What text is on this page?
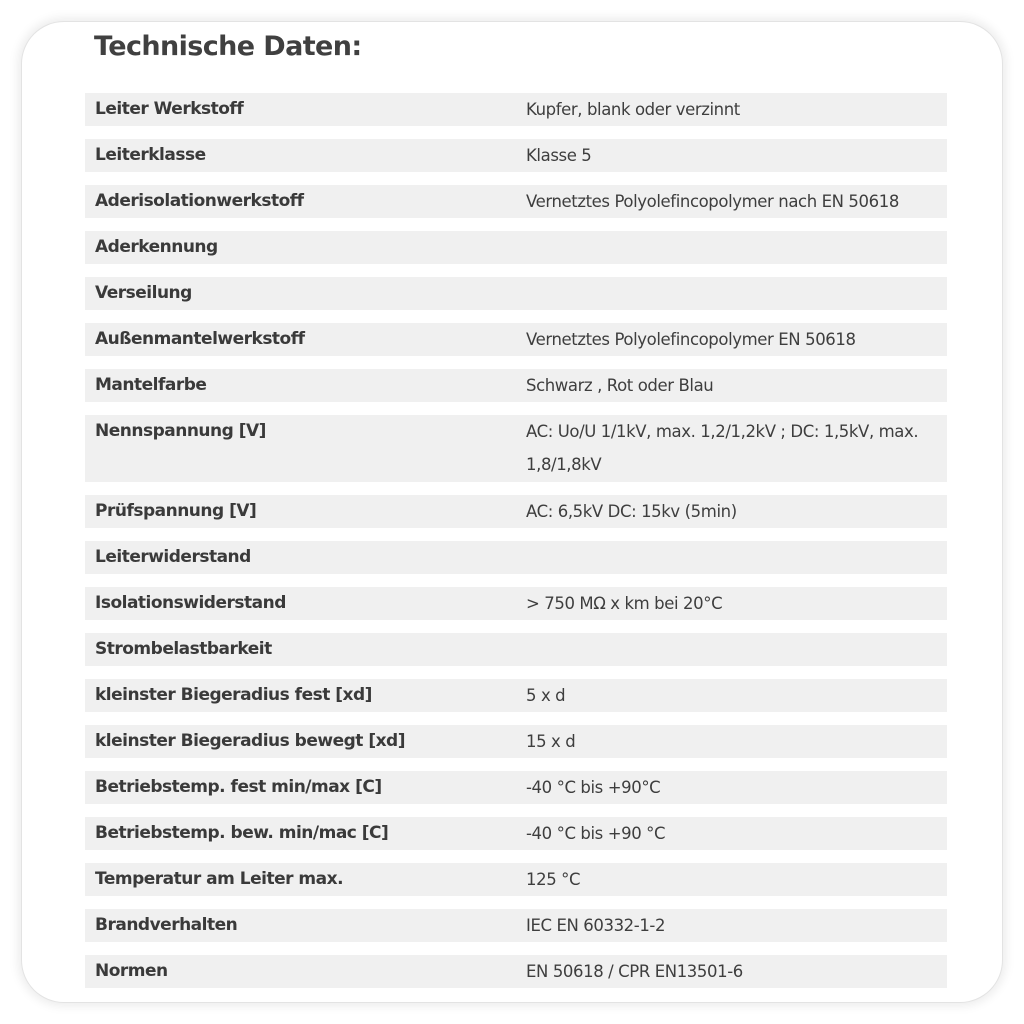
Technische Daten:
Leiter Werkstoff	Kupfer, blank oder verzinnt
Leiterklasse	Klasse 5
Aderisolationwerkstoff	Vernetztes Polyolefincopolymer nach EN 50618
Aderkennung
Verseilung
Außenmantelwerkstoff	Vernetztes Polyolefincopolymer EN 50618
Mantelfarbe	Schwarz , Rot oder Blau
Nennspannung [V]	AC: Uo/U 1/1kV, max. 1,2/1,2kV ; DC: 1,5kV, max. 1,8/1,8kV
Prüfspannung [V]	AC: 6,5kV DC: 15kv (5min)
Leiterwiderstand
Isolationswiderstand	> 750 MΩ x km bei 20°C
Strombelastbarkeit
kleinster Biegeradius fest [xd]	5 x d
kleinster Biegeradius bewegt [xd]	15 x d
Betriebstemp. fest min/max [C]	-40 °C bis +90°C
Betriebstemp. bew. min/mac [C]	-40 °C bis +90 °C
Temperatur am Leiter max.	125 °C
Brandverhalten	IEC EN 60332-1-2
Normen	EN 50618 / CPR EN13501-6
